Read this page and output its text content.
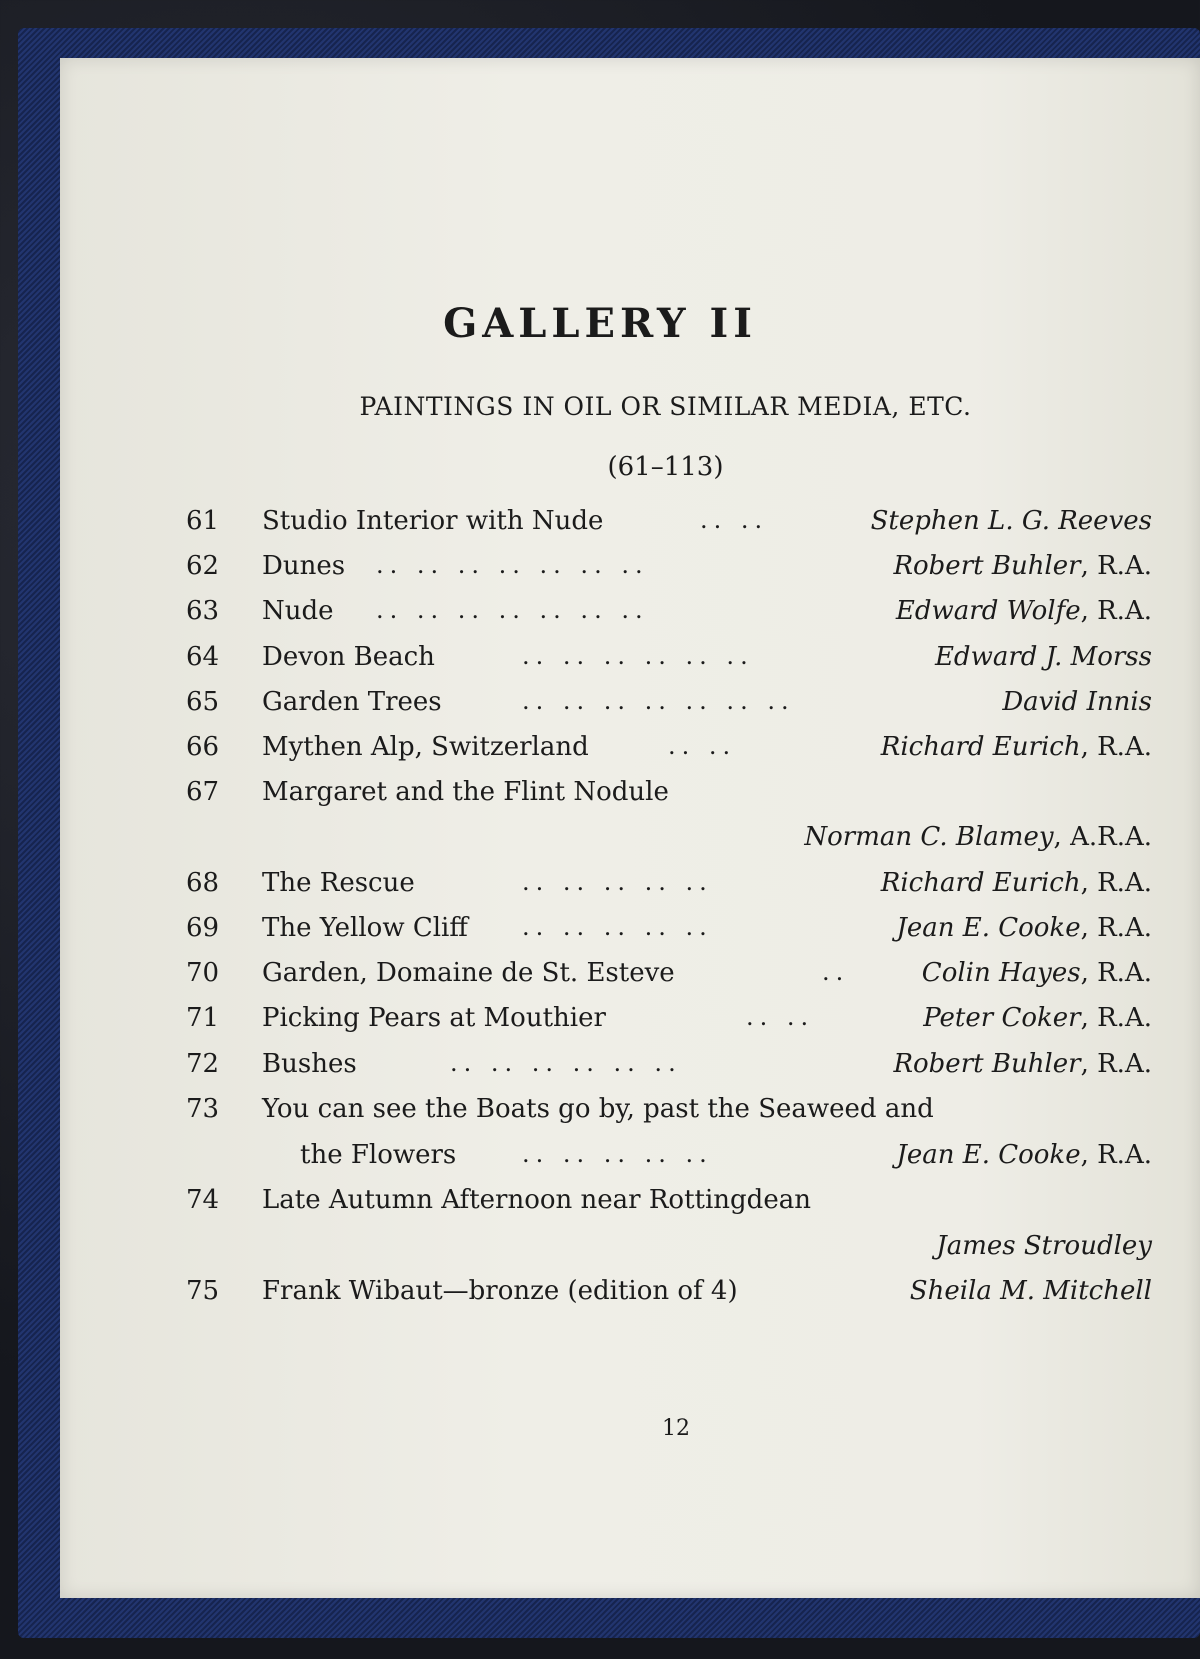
GALLERY II
PAINTINGS IN OIL OR SIMILAR MEDIA, ETC.
(61–113)
61 Studio Interior with Nude	.. ..	Stephen L. G. Reeves
62 Dunes .. .. .. .. .. .. ..	Robert Buhler, R.A.
63 Nude .. .. .. .. .. .. ..	Edward Wolfe, R.A.
64 Devon Beach	.. .. .. .. .. ..	Edward J. Morss
65 Garden Trees	.. .. .. .. .. .. ..	David Innis
66 Mythen Alp, Switzerland	.. ..	Richard Eurich, R.A.
67 Margaret and the Flint Nodule
Norman C. Blamey, A.R.A.
68 The Rescue	.. .. .. .. ..	Richard Eurich, R.A.
69 The Yellow Cliff .. .. .. .. ..	Jean E. Cooke, R.A.
70 Garden, Domaine de St. Esteve	..	Colin Hayes, R.A.
71 Picking Pears at Mouthier	.. ..	Peter Coker, R.A.
72 Bushes	.. .. .. .. .. ..	Robert Buhler, R.A.
73 You can see the Boats go by, past the Seaweed and
the Flowers	.. .. .. .. ..	Jean E. Cooke, R.A.
74 Late Autumn Afternoon near Rottingdean
James Stroudley
75 Frank Wibaut—bronze (edition of 4)	Sheila M. Mitchell
12
